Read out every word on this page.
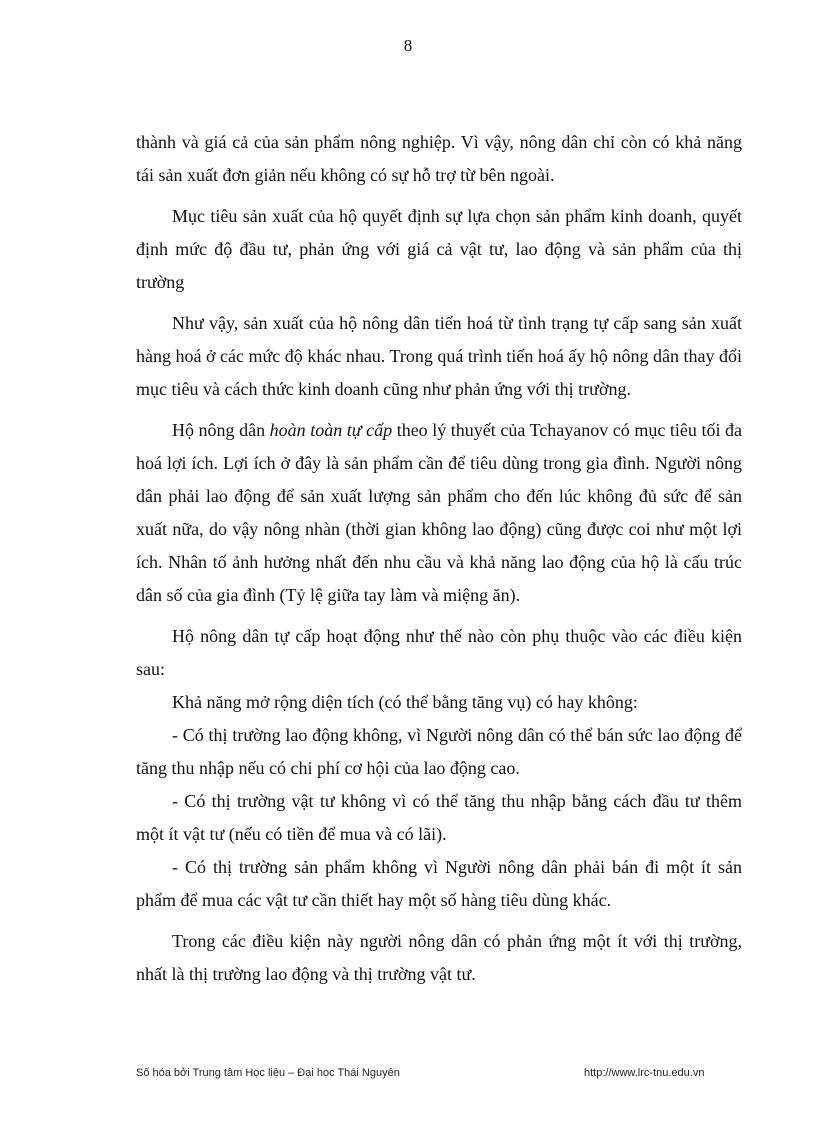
8

thành và giá cả của sản phẩm nông nghiệp. Vì vậy, nông dân chỉ còn có khả năng tái sản xuất đơn giản nếu không có sự hỗ trợ từ bên ngoài.

Mục tiêu sản xuất của hộ quyết định sự lựa chọn sản phẩm kinh doanh, quyết định mức độ đầu tư, phản ứng với giá cả vật tư, lao động và sản phẩm của thị trường

Như vậy, sản xuất của hộ nông dân tiến hoá từ tình trạng tự cấp sang sản xuất hàng hoá ở các mức độ khác nhau. Trong quá trình tiến hoá ấy hộ nông dân thay đổi mục tiêu và cách thức kinh doanh cũng như phản ứng với thị trường.

Hộ nông dân hoàn toàn tự cấp theo lý thuyết của Tchayanov có mục tiêu tối đa hoá lợi ích. Lợi ích ở đây là sản phẩm cần để tiêu dùng trong gia đình. Người nông dân phải lao động để sản xuất lượng sản phẩm cho đến lúc không đủ sức để sản xuất nữa, do vậy nông nhàn (thời gian không lao động) cũng được coi như một lợi ích. Nhân tố ảnh hưởng nhất đến nhu cầu và khả năng lao động của hộ là cấu trúc dân số của gia đình (Tỷ lệ giữa tay làm và miệng ăn).

Hộ nông dân tự cấp hoạt động như thế nào còn phụ thuộc vào các điều kiện sau:

Khả năng mở rộng diện tích (có thể bằng tăng vụ) có hay không:

- Có thị trường lao động không, vì Người nông dân có thể bán sức lao động để tăng thu nhập nếu có chi phí cơ hội của lao động cao.

- Có thị trường vật tư không vì có thể tăng thu nhập bằng cách đầu tư thêm một ít vật tư (nếu có tiền để mua và có lãi).

- Có thị trường sản phẩm không vì Người nông dân phải bán đi một ít sản phẩm để mua các vật tư cần thiết hay một số hàng tiêu dùng khác.

Trong các điều kiện này người nông dân có phản ứng một ít với thị trường, nhất là thị trường lao động và thị trường vật tư.

Số hóa bởi Trung tâm Học liệu – Đại học Thái Nguyên	http://www.lrc-tnu.edu.vn
